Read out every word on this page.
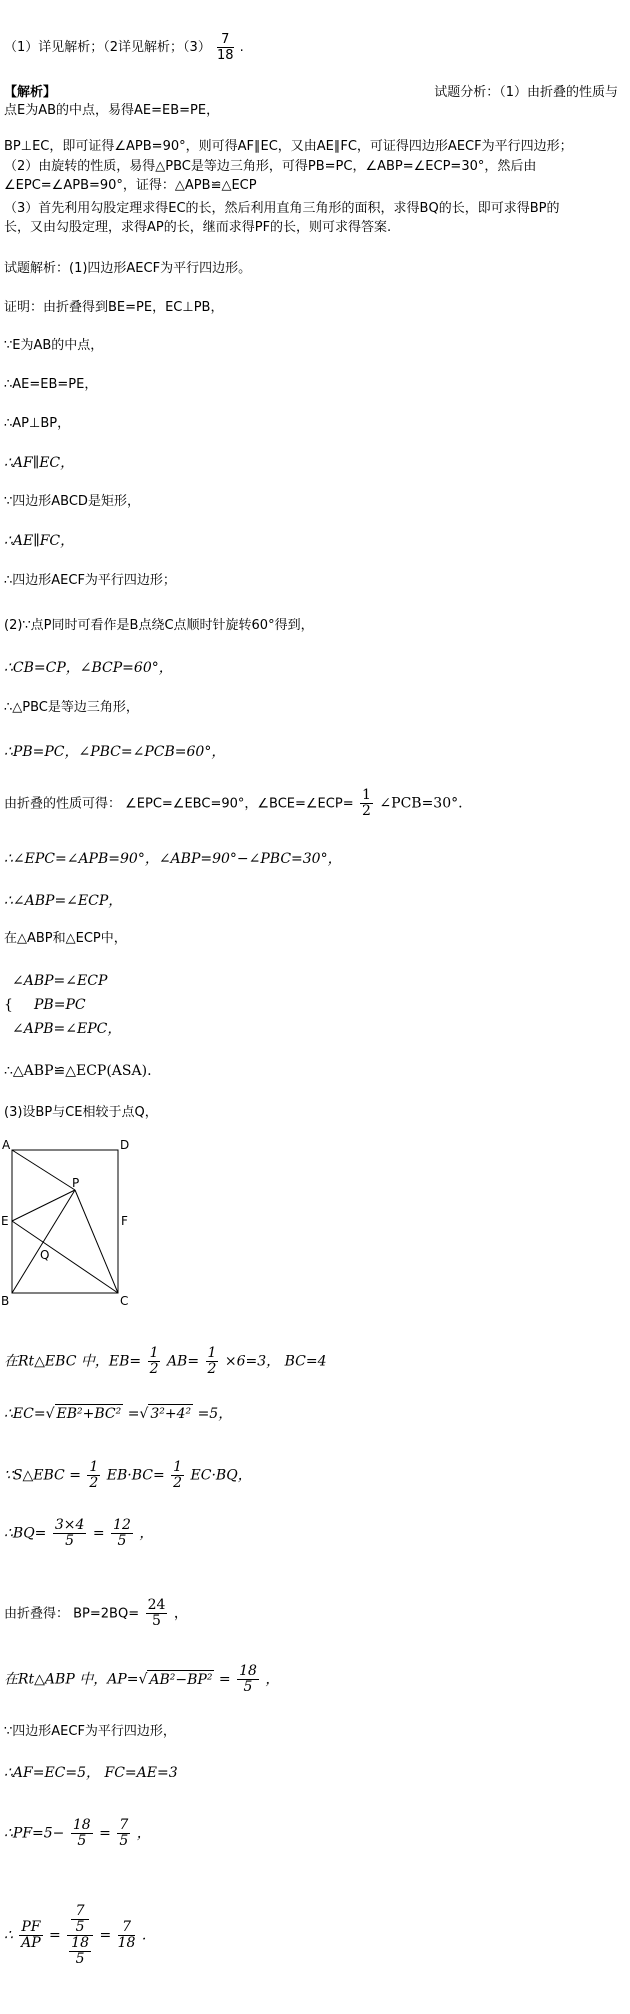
（1）详见解析；（2详见解析；$(3) \frac{7}{18}$ .
【解析】	试题分析：（1）由折叠的性质与
点E为AB的中点，易得AE=EB=PE，
BP⊥EC，即可证得∠APB=90°，则可得AF∥EC，又由AE∥FC，可证得四边形AECF为平行四边形；
（2）由旋转的性质，易得△PBC是等边三角形，可得PB=PC，∠ABP=∠ECP=30°，然后由
∠EPC=∠APB=90°，证得：△APB≌△ECP
（3）首先利用勾股定理求得EC的长，然后利用直角三角形的面积，求得BQ的长，即可求得BP的
长，又由勾股定理，求得AP的长，继而求得PF的长，则可求得答案.
试题解析：(1)四边形AECF为平行四边形。
证明：由折叠得到BE=PE，EC⊥PB，
∵E为AB的中点，
∴AE=EB=PE，
∴AP⊥BP，
∴AF∥EC，
∵四边形ABCD是矩形，
∴AE∥FC，
∴四边形AECF为平行四边形；
(2)∵点P同时可看作是B点绕C点顺时针旋转60°得到，
∴CB=CP，∠BCP=60°，
∴△PBC是等边三角形，
∴PB=PC，∠PBC=∠PCB=60°，
由折叠的性质可得： ∠EPC=∠EBC=90°，∠BCE=∠ECP= $\frac{1}{2}$ ∠PCB=30°.
∴∠EPC=∠APB=90°，∠ABP=90°−∠PBC=30°，
∴∠ABP=∠ECP，
在△ABP和△ECP中，
∠ABP=∠ECP
{ PB=PC
∠APB=∠EPC，
∴△ABP≌△ECP(ASA).
(3)设BP与CE相较于点Q，
A	D
P
E	F
Q
B	C
在Rt△EBC 中，$EB= \frac{1}{2} AB= \frac{1}{2} \times 6=3$， BC=4
∴EC=√ EB²+BC² =√ 3²+4² =5，
∵S△EBC = $\frac{1}{2} EB\cdot BC= \frac{1}{2} EC\cdot BQ$，
∴BQ= $\frac{3\times 4}{5} = \frac{12}{5}$ ，
由折叠得： $BP=2BQ= \frac{24}{5}$ ，
在Rt△ABP 中，AP=√ $AB^2-BP^2 = \frac{18}{5}$ ，
∵四边形AECF为平行四边形，
∴AF=EC=5， FC=AE=3
∴PF=5− $\frac{18}{5} = \frac{7}{5}$ ，
∴ $\frac{PF}{AP} = 7$
5
18
$5 = \frac{7}{18}$ .
